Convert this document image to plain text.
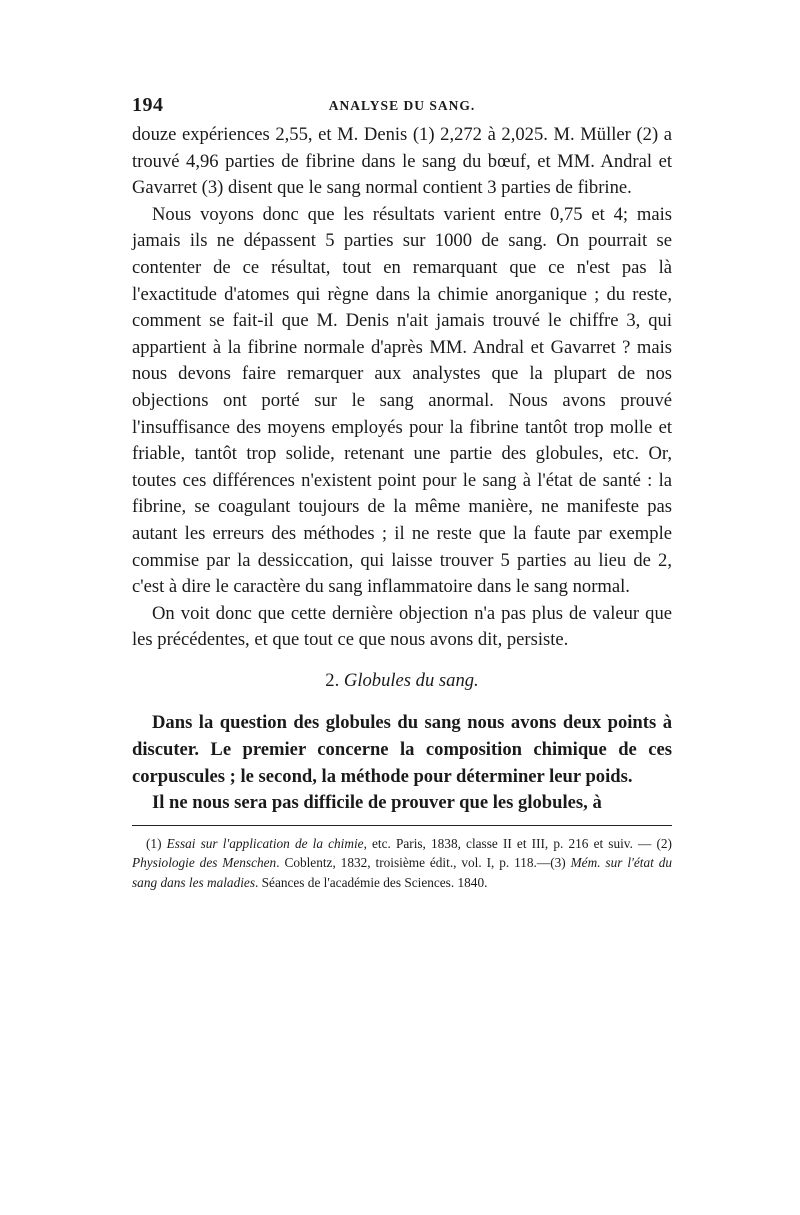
194	ANALYSE DU SANG.

douze expériences 2,55, et M. Denis (1) 2,272 à 2,025. M. Müller (2) a trouvé 4,96 parties de fibrine dans le sang du bœuf, et MM. Andral et Gavarret (3) disent que le sang normal contient 3 parties de fibrine.

Nous voyons donc que les résultats varient entre 0,75 et 4; mais jamais ils ne dépassent 5 parties sur 1000 de sang. On pourrait se contenter de ce résultat, tout en remarquant que ce n'est pas là l'exactitude d'atomes qui règne dans la chimie anorganique ; du reste, comment se fait-il que M. Denis n'ait jamais trouvé le chiffre 3, qui appartient à la fibrine normale d'après MM. Andral et Gavarret ? mais nous devons faire remarquer aux analystes que la plupart de nos objections ont porté sur le sang anormal. Nous avons prouvé l'insuffisance des moyens employés pour la fibrine tantôt trop molle et friable, tantôt trop solide, retenant une partie des globules, etc. Or, toutes ces différences n'existent point pour le sang à l'état de santé : la fibrine, se coagulant toujours de la même manière, ne manifeste pas autant les erreurs des méthodes ; il ne reste que la faute par exemple commise par la dessiccation, qui laisse trouver 5 parties au lieu de 2, c'est à dire le caractère du sang inflammatoire dans le sang normal.

On voit donc que cette dernière objection n'a pas plus de valeur que les précédentes, et que tout ce que nous avons dit, persiste.

2. Globules du sang.

Dans la question des globules du sang nous avons deux points à discuter. Le premier concerne la composition chimique de ces corpuscules ; le second, la méthode pour déterminer leur poids.

Il ne nous sera pas difficile de prouver que les globules, à

(1) Essai sur l'application de la chimie, etc. Paris, 1838, classe II et III, p. 216 et suiv. — (2) Physiologie des Menschen. Coblentz, 1832, troisième édit., vol. I, p. 118.—(3) Mém. sur l'état du sang dans les maladies. Séances de l'académie des Sciences. 1840.
